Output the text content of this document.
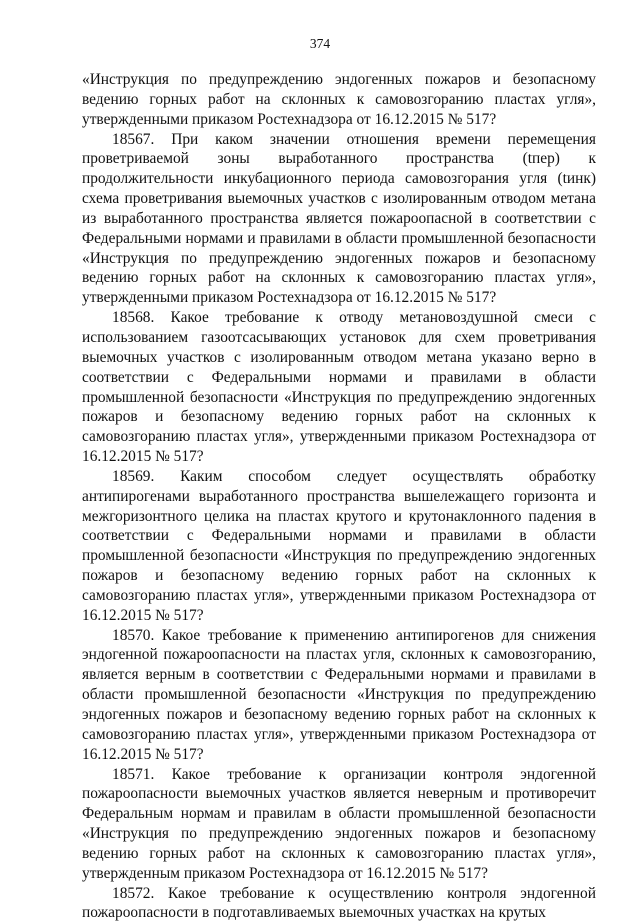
374

«Инструкция по предупреждению эндогенных пожаров и безопасному ведению горных работ на склонных к самовозгоранию пластах угля», утвержденными приказом Ростехнадзора от 16.12.2015 № 517?

18567. При каком значении отношения времени перемещения проветриваемой зоны выработанного пространства (tпер) к продолжительности инкубационного периода самовозгорания угля (tинк) схема проветривания выемочных участков с изолированным отводом метана из выработанного пространства является пожароопасной в соответствии с Федеральными нормами и правилами в области промышленной безопасности «Инструкция по предупреждению эндогенных пожаров и безопасному ведению горных работ на склонных к самовозгоранию пластах угля», утвержденными приказом Ростехнадзора от 16.12.2015 № 517?

18568. Какое требование к отводу метановоздушной смеси с использованием газоотсасывающих установок для схем проветривания выемочных участков с изолированным отводом метана указано верно в соответствии с Федеральными нормами и правилами в области промышленной безопасности «Инструкция по предупреждению эндогенных пожаров и безопасному ведению горных работ на склонных к самовозгоранию пластах угля», утвержденными приказом Ростехнадзора от 16.12.2015 № 517?

18569. Каким способом следует осуществлять обработку антипирогенами выработанного пространства вышележащего горизонта и межгоризонтного целика на пластах крутого и крутонаклонного падения в соответствии с Федеральными нормами и правилами в области промышленной безопасности «Инструкция по предупреждению эндогенных пожаров и безопасному ведению горных работ на склонных к самовозгоранию пластах угля», утвержденными приказом Ростехнадзора от 16.12.2015 № 517?

18570. Какое требование к применению антипирогенов для снижения эндогенной пожароопасности на пластах угля, склонных к самовозгоранию, является верным в соответствии с Федеральными нормами и правилами в области промышленной безопасности «Инструкция по предупреждению эндогенных пожаров и безопасному ведению горных работ на склонных к самовозгоранию пластах угля», утвержденными приказом Ростехнадзора от 16.12.2015 № 517?

18571. Какое требование к организации контроля эндогенной пожароопасности выемочных участков является неверным и противоречит Федеральным нормам и правилам в области промышленной безопасности «Инструкция по предупреждению эндогенных пожаров и безопасному ведению горных работ на склонных к самовозгоранию пластах угля», утвержденным приказом Ростехнадзора от 16.12.2015 № 517?

18572. Какое требование к осуществлению контроля эндогенной пожароопасности в подготавливаемых выемочных участках на крутых
